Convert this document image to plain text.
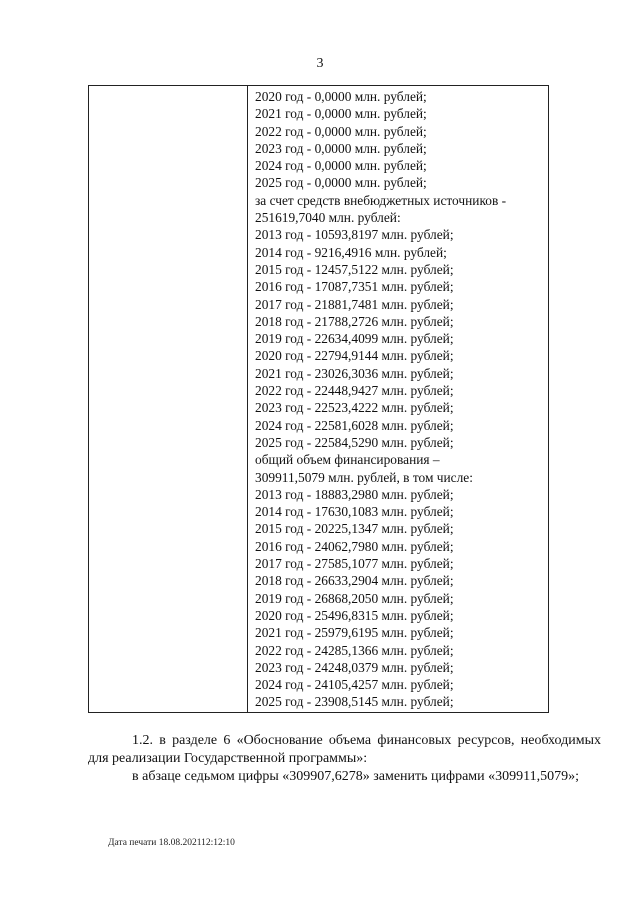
3
2020 год - 0,0000 млн. рублей;
2021 год - 0,0000 млн. рублей;
2022 год - 0,0000 млн. рублей;
2023 год - 0,0000 млн. рублей;
2024 год - 0,0000 млн. рублей;
2025 год - 0,0000 млн. рублей;
за счет средств внебюджетных источников -
251619,7040 млн. рублей:
2013 год - 10593,8197 млн. рублей;
2014 год - 9216,4916 млн. рублей;
2015 год - 12457,5122 млн. рублей;
2016 год - 17087,7351 млн. рублей;
2017 год - 21881,7481 млн. рублей;
2018 год - 21788,2726 млн. рублей;
2019 год - 22634,4099 млн. рублей;
2020 год - 22794,9144 млн. рублей;
2021 год - 23026,3036 млн. рублей;
2022 год - 22448,9427 млн. рублей;
2023 год - 22523,4222 млн. рублей;
2024 год - 22581,6028 млн. рублей;
2025 год - 22584,5290 млн. рублей;
общий объем финансирования –
309911,5079 млн. рублей, в том числе:
2013 год - 18883,2980 млн. рублей;
2014 год - 17630,1083 млн. рублей;
2015 год - 20225,1347 млн. рублей;
2016 год - 24062,7980 млн. рублей;
2017 год - 27585,1077 млн. рублей;
2018 год - 26633,2904 млн. рублей;
2019 год - 26868,2050 млн. рублей;
2020 год - 25496,8315 млн. рублей;
2021 год - 25979,6195 млн. рублей;
2022 год - 24285,1366 млн. рублей;
2023 год - 24248,0379 млн. рублей;
2024 год - 24105,4257 млн. рублей;
2025 год - 23908,5145 млн. рублей;
1.2. в разделе 6 «Обоснование объема финансовых ресурсов, необходимых для реализации Государственной программы»:
в абзаце седьмом цифры «309907,6278» заменить цифрами «309911,5079»;
Дата печати 18.08.202112:12:10
